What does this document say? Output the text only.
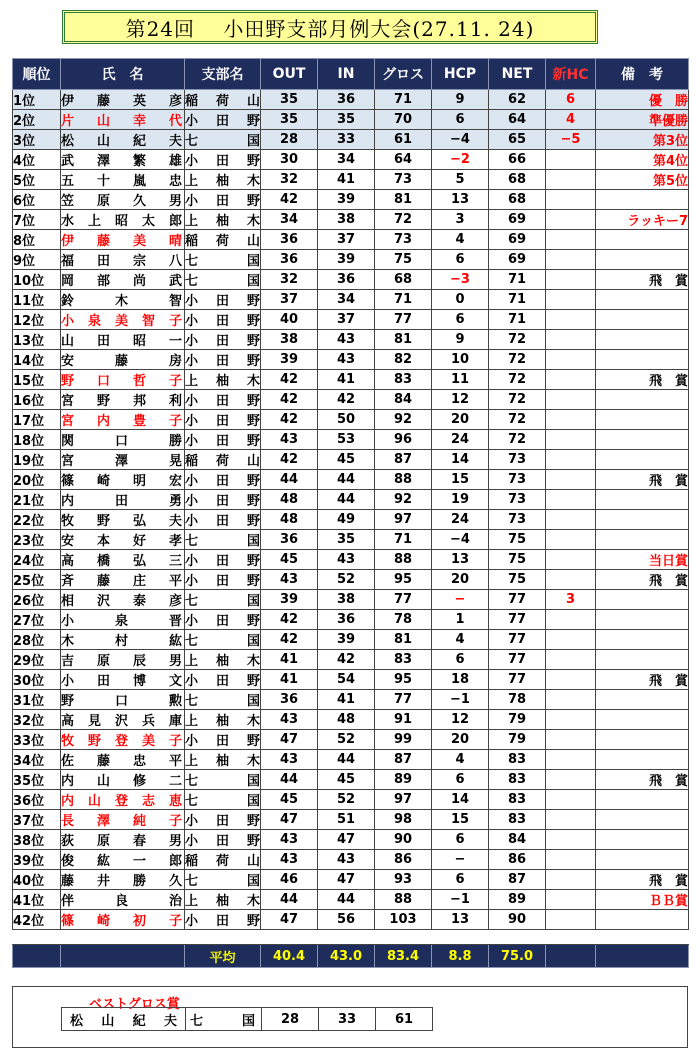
第24回　 小田野支部月例大会(27.11. 24)
順位	氏　名	支部名	OUT	IN	グロス	HCP	NET	新HC	備　考
1位	伊藤英彦	稲荷山	35	36	71	9	62	6	優　勝
2位	片山幸代	小田野	35	35	70	6	64	4	準優勝
3位	松山紀夫	七国	28	33	61	−4	65	−5	第3位
4位	武澤繁雄	小田野	30	34	64	−2	66		第4位
5位	五十嵐忠	上柚木	32	41	73	5	68		第5位
6位	笠原久男	小田野	42	39	81	13	68		
7位	水上昭太郎	上柚木	34	38	72	3	69		ラッキー7
8位	伊藤美晴	稲荷山	36	37	73	4	69		
9位	福田宗八	七国	36	39	75	6	69		
10位	岡部尚武	七国	32	36	68	−3	71		飛　賞
11位	鈴木智	小田野	37	34	71	0	71		
12位	小泉美智子	小田野	40	37	77	6	71		
13位	山田昭一	小田野	38	43	81	9	72		
14位	安藤房	小田野	39	43	82	10	72		
15位	野口哲子	上柚木	42	41	83	11	72		飛　賞
16位	宮野邦利	小田野	42	42	84	12	72		
17位	宮内豊子	小田野	42	50	92	20	72		
18位	関口勝	小田野	43	53	96	24	72		
19位	宮澤晃	稲荷山	42	45	87	14	73		
20位	篠崎明宏	小田野	44	44	88	15	73		飛　賞
21位	内田勇	小田野	48	44	92	19	73		
22位	牧野弘夫	小田野	48	49	97	24	73		
23位	安本好孝	七国	36	35	71	−4	75		
24位	高橋弘三	小田野	45	43	88	13	75		当日賞
25位	斉藤庄平	小田野	43	52	95	20	75		飛　賞
26位	相沢泰彦	七国	39	38	77	−	77	3	
27位	小泉晋	小田野	42	36	78	1	77		
28位	木村紘	七国	42	39	81	4	77		
29位	吉原辰男	上柚木	41	42	83	6	77		
30位	小田博文	小田野	41	54	95	18	77		飛　賞
31位	野口勲	七国	36	41	77	−1	78		
32位	高見沢兵庫	上柚木	43	48	91	12	79		
33位	牧野登美子	小田野	47	52	99	20	79		
34位	佐藤忠平	上柚木	43	44	87	4	83		
35位	内山修二	七国	44	45	89	6	83		飛　賞
36位	内山登志恵	七国	45	52	97	14	83		
37位	長澤純子	小田野	47	51	98	15	83		
38位	荻原春男	小田野	43	47	90	6	84		
39位	俊紘一郎	稲荷山	43	43	86	−	86		
40位	藤井勝久	七国	46	47	93	6	87		飛　賞
41位	伴良治	上柚木	44	44	88	−1	89		ＢＢ賞
42位	篠崎初子	小田野	47	56	103	13	90		

		平均	40.4	43.0	83.4	8.8	75.0		
ベストグロス賞
松山紀夫	七国	28	33	61
